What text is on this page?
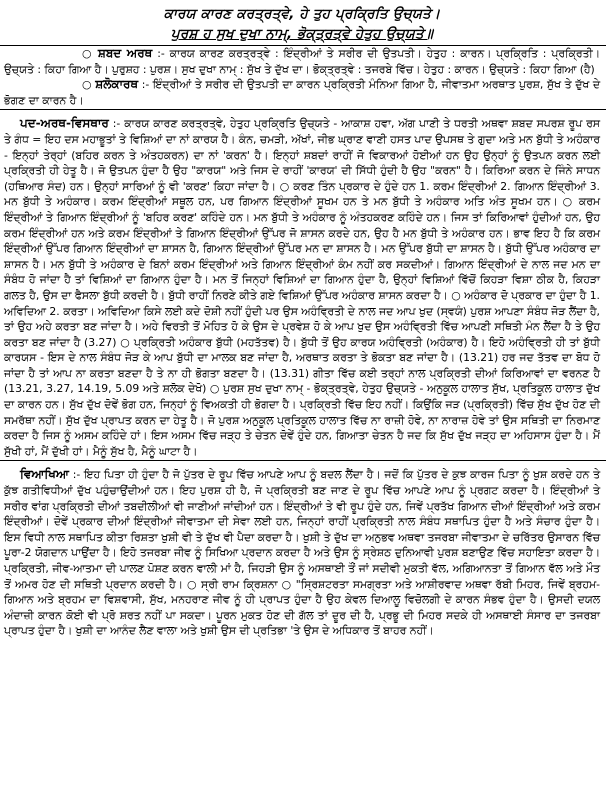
ਕਾਰਯ ਕਾਰਣ ਕਰਤ੍ਰਤ੍ਵੇ, ਹੇ ਤੁਹ ਪ੍ਰਕ੍ਰਿਤਿ ਉਚ੍ਯਤੇ।
ਪੁਰਸ਼ ਹ ਸੁਖ ਦੁਖਾ ਨਾਮ੍, ਭੋਕ੍ਤ੍ਰਤ੍ਵੇ ਹੇਤੁਹ ਉਚ੍ਯਤੇ॥

○ ਸ਼ਬਦ ਅਰਥ :- ਕਾਰਯ ਕਾਰਣ ਕਰਤ੍ਰਤ੍ਵੇ : ਇੰਦ੍ਰੀਆਂ ਤੇ ਸਰੀਰ ਦੀ ਉਤਪਤੀ। ਹੇਤੁਹ : ਕਾਰਨ। ਪ੍ਰਕ੍ਰਿਤਿ : ਪ੍ਰਕ੍ਰਿਤੀ। ਉਚ੍ਯਤੇ : ਕਿਹਾ ਗਿਆ ਹੈ। ਪੁਰੁਸ਼ਹ : ਪੁਰਸ਼। ਸੁਖ ਦੁਖਾ ਨਾਮ੍ : ਸੁੱਖ ਤੇ ਦੁੱਖ ਦਾ। ਭੋਕ੍ਤ੍ਰਤ੍ਵੇ : ਤਜਰਬੇ ਵਿੱਚ। ਹੇਤੁਹ : ਕਾਰਨ। ਉਚ੍ਯਤੇ : ਕਿਹਾ ਗਿਆ (ਹੈ)

○ ਸ਼ਲੋਕਾਰਥ :- ਇੰਦ੍ਰੀਆਂ ਤੇ ਸਰੀਰ ਦੀ ਉਤਪਤੀ ਦਾ ਕਾਰਨ ਪ੍ਰਕ੍ਰਿਤੀ ਮੰਨਿਆ ਗਿਆ ਹੈ, ਜੀਵਾਤਮਾ ਅਰਥਾਤ ਪੁਰਸ਼, ਸੁੱਖ ਤੇ ਦੁੱਖ ਦੇ ਭੋਗਣ ਦਾ ਕਾਰਨ ਹੈ।

ਪਦ-ਅਰਥ-ਵਿਸਥਾਰ :- ਕਾਰਯ ਕਾਰਣ ਕਰਤ੍ਰਤ੍ਵੇ, ਹੇਤੁਹ ਪ੍ਰਕ੍ਰਿਤਿ ਉਚ੍ਯਤੇ - ਆਕਾਸ਼ ਹਵਾ, ਅੱਗ ਪਾਣੀ ਤੇ ਧਰਤੀ ਅਥਵਾ ਸ਼ਬਦ ਸਪਰਸ਼ ਰੂਪ ਰਸ ਤੇ ਗੰਧ = ਇਹ ਦਸ ਮਹਾਭੂਤਾਂ ਤੇ ਵਿਸ਼ਿਆਂ ਦਾ ਨਾਂ ਕਾਰਯ ਹੈ। ਕੰਨ, ਚਮੜੀ, ਅੱਖਾਂ, ਜੀਭ ਘ੍ਰਾਣ ਵਾਣੀ ਹਸਤ ਪਾਦ ਉਪਸਥ ਤੇ ਗੁਦਾ ਅਤੇ ਮਨ ਬੁੱਧੀ ਤੇ ਅਹੰਕਾਰ - ਇਨ੍ਹਾਂ ਤੇਰ੍ਹਾਂ (ਬਹਿਰ ਕਰਨ ਤੇ ਅੰਤਹਕਰਨ) ਦਾ ਨਾਂ 'ਕਰਨ' ਹੈ। ਇਨ੍ਹਾਂ ਸ਼ਬਦਾਂ ਰਾਹੀਂ ਜੋ ਵਿਕਾਰਆਂ ਹੋਈਆਂ ਹਨ ਉਹ ਉਨ੍ਹਾਂ ਨੂੰ ਉਤਪਨ ਕਰਨ ਲਈ ਪ੍ਰਕ੍ਰਿਤੀ ਹੀ ਹੇਤੂ ਹੈ। ਜੋ ਉਤਪਨ ਹੁੰਦਾ ਹੈ ਉਹ "ਕਾਰਯ" ਅਤੇ ਜਿਸ ਦੇ ਰਾਹੀਂ 'ਕਾਰਯ' ਦੀ ਸਿੱਧੀ ਹੁੰਦੀ ਹੈ ਉਹ "ਕਰਨ" ਹੈ। ਕਿਰਿਆ ਕਰਨ ਦੇ ਜਿੰਨੇ ਸਾਧਨ (ਹਥਿਆਰ ਸੰਦ) ਹਨ। ਉਨ੍ਹਾਂ ਸਾਰਿਆਂ ਨੂੰ ਵੀ 'ਕਰਣ' ਕਿਹਾ ਜਾਂਦਾ ਹੈ। ○ ਕਰਣ ਤਿੰਨ ਪ੍ਰਕਾਰ ਦੇ ਹੁੰਦੇ ਹਨ 1. ਕਰਮ ਇੰਦ੍ਰੀਆਂ 2. ਗਿਆਨ ਇੰਦ੍ਰੀਆਂ 3. ਮਨ ਬੁੱਧੀ ਤੇ ਅਹੰਕਾਰ। ਕਰਮ ਇੰਦ੍ਰੀਆਂ ਸਥੂਲ ਹਨ, ਪਰ ਗਿਆਨ ਇੰਦ੍ਰੀਆਂ ਸੂਖਮ ਹਨ ਤੇ ਮਨ ਬੁੱਧੀ ਤੇ ਅਹੰਕਾਰ ਅਤਿ ਅੰਤ ਸੂਖਮ ਹਨ। ○ ਕਰਮ ਇੰਦ੍ਰੀਆਂ ਤੇ ਗਿਆਨ ਇੰਦ੍ਰੀਆਂ ਨੂੰ 'ਬਹਿਰ ਕਰਣ' ਕਹਿੰਦੇ ਹਨ। ਮਨ ਬੁੱਧੀ ਤੇ ਅਹੰਕਾਰ ਨੂੰ ਅੰਤਹਕਰਣ ਕਹਿੰਦੇ ਹਨ। ਜਿਸ ਤਾਂ ਕਿਰਿਆਵਾਂ ਹੁੰਦੀਆਂ ਹਨ, ਉਹ ਕਰਮ ਇੰਦ੍ਰੀਆਂ ਹਨ ਅਤੇ ਕਰਮ ਇੰਦ੍ਰੀਆਂ ਤੇ ਗਿਆਨ ਇੰਦ੍ਰੀਆਂ ਉੱਪਰ ਜੋ ਸ਼ਾਸਨ ਕਰਦੇ ਹਨ, ਉਹ ਹੈ ਮਨ ਬੁੱਧੀ ਤੇ ਅਹੰਕਾਰ ਹਨ। ਭਾਵ ਇਹ ਹੈ ਕਿ ਕਰਮ ਇੰਦ੍ਰੀਆਂ ਉੱਪਰ ਗਿਆਨ ਇੰਦ੍ਰੀਆਂ ਦਾ ਸ਼ਾਸਨ ਹੈ, ਗਿਆਨ ਇੰਦ੍ਰੀਆਂ ਉੱਪਰ ਮਨ ਦਾ ਸ਼ਾਸਨ ਹੈ। ਮਨ ਉੱਪਰ ਬੁੱਧੀ ਦਾ ਸ਼ਾਸਨ ਹੈ। ਬੁੱਧੀ ਉੱਪਰ ਅਹੰਕਾਰ ਦਾ ਸ਼ਾਸਨ ਹੈ। ਮਨ ਬੁੱਧੀ ਤੇ ਅਹੰਕਾਰ ਦੇ ਬਿਨਾਂ ਕਰਮ ਇੰਦ੍ਰੀਆਂ ਅਤੇ ਗਿਆਨ ਇੰਦ੍ਰੀਆਂ ਕੰਮ ਨਹੀਂ ਕਰ ਸਕਦੀਆਂ। ਗਿਆਨ ਇੰਦ੍ਰੀਆਂ ਦੇ ਨਾਲ ਜਦ ਮਨ ਦਾ ਸੰਬੰਧ ਹੋ ਜਾਂਦਾ ਹੈ ਤਾਂ ਵਿਸ਼ਿਆਂ ਦਾ ਗਿਆਨ ਹੁੰਦਾ ਹੈ। ਮਨ ਤੋਂ ਜਿਨ੍ਹਾਂ ਵਿਸ਼ਿਆਂ ਦਾ ਗਿਆਨ ਹੁੰਦਾ ਹੈ, ਉਨ੍ਹਾਂ ਵਿਸ਼ਿਆਂ ਵਿੱਚੋਂ ਕਿਹੜਾ ਵਿਸ਼ਾ ਠੀਕ ਹੈ, ਕਿਹੜਾ ਗਲਤ ਹੈ, ਉਸ ਦਾ ਫੈਸਲਾ ਬੁੱਧੀ ਕਰਦੀ ਹੈ। ਬੁੱਧੀ ਰਾਹੀਂ ਨਿਰਣੇ ਕੀਤੇ ਗਏ ਵਿਸ਼ਿਆਂ ਉੱਪਰ ਅਹੰਕਾਰ ਸ਼ਾਸਨ ਕਰਦਾ ਹੈ। ○ ਅਹੰਕਾਰ ਦੋ ਪ੍ਰਕਾਰ ਦਾ ਹੁੰਦਾ ਹੈ 1. ਅਵਿਦਿਆ 2. ਕਰਤਾ। ਅਵਿਦਿਆ ਕਿਸੇ ਲਈ ਕਦੇ ਦੋਸ਼ੀ ਨਹੀਂ ਹੁੰਦੀ ਪਰ ਉਸ ਅਹੰਵ੍ਰਿਤੀ ਦੇ ਨਾਲ ਜਦ ਆਪ ਖੁਦ (ਸ੍ਵਯੰ) ਪੁਰਸ਼ ਆਪਣਾ ਸੰਬੰਧ ਜੋੜ ਲੈਂਦਾ ਹੈ, ਤਾਂ ਉਹ ਅਹੇ ਕਰਤਾ ਬਣ ਜਾਂਦਾ ਹੈ। ਅਹੇ ਵਿਰਤੀ ਤੋਂ ਮੋਹਿਤ ਹੋ ਕੇ ਉਸ ਦੇ ਪ੍ਰਵੇਸ਼ ਹੋ ਕੇ ਆਪ ਖੁਦ ਉਸ ਅਹੰਵ੍ਰਿਤੀ ਵਿੱਚ ਆਪਣੀ ਸਥਿਤੀ ਮੰਨ ਲੈਂਦਾ ਹੈ ਤੇ ਉਹ ਕਰਤਾ ਬਣ ਜਾਂਦਾ ਹੈ (3.27) ○ ਪ੍ਰਕ੍ਰਿਤੀ ਅਹੰਕਾਰ ਬੁੱਧੀ (ਮਹਤੱਤਵ) ਹੈ। ਬੁੱਧੀ ਤੋਂ ਉਹ ਕਾਰਯ ਅਹੰਵ੍ਰਿਤੀ (ਅਹੰਕਾਰ) ਹੈ। ਇਹੋ ਅਹੰਵ੍ਰਿਤੀ ਹੀ ਤਾਂ ਬੁੱਧੀ ਕਾਰਯਸ - ਇਸ ਦੇ ਨਾਲ ਸੰਬੰਧ ਜੋੜ ਕੇ ਆਪ ਬੁੱਧੀ ਦਾ ਮਾਲਕ ਬਣ ਜਾਂਦਾ ਹੈ, ਅਰਥਾਤ ਕਰਤਾ ਤੇ ਭੋਕਤਾ ਬਣ ਜਾਂਦਾ ਹੈ। (13.21) ਹਰ ਜਦ ਤੱਤਵ ਦਾ ਬੋਧ ਹੋ ਜਾਂਦਾ ਹੈ ਤਾਂ ਆਪ ਨਾ ਕਰਤਾ ਬਣਦਾ ਹੈ ਤੇ ਨਾ ਹੀ ਭੋਗਤਾ ਬਣਦਾ ਹੈ। (13.31) ਗੀਤਾ ਵਿੱਚ ਕਈ ਤਰ੍ਹਾਂ ਨਾਲ ਪ੍ਰਕ੍ਰਿਤੀ ਦੀਆਂ ਕਿਰਿਆਵਾਂ ਦਾ ਵਰਨਣ ਹੈ (13.21, 3.27, 14.19, 5.09 ਅਤੇ ਸ਼ਲੋਕ ਦੇਖੋ) ○ ਪੁਰਸ਼ ਸੁਖ ਦੁਖਾ ਨਾਮ੍ - ਭੋਕ੍ਤ੍ਰਤ੍ਵੇ, ਹੇਤੁਹ ਉਚ੍ਯਤੇ - ਅਨੁਕੂਲ ਹਾਲਾਤ ਸੁੱਖ, ਪ੍ਰਤਿਕੂਲ ਹਾਲਾਤ ਦੁੱਖ ਦਾ ਕਾਰਨ ਹਨ। ਸੁੱਖ ਦੁੱਖ ਦੋਵੇਂ ਭੋਗ ਹਨ, ਜਿਨ੍ਹਾਂ ਨੂੰ ਵਿਅਕਤੀ ਹੀ ਭੋਗਦਾ ਹੈ। ਪ੍ਰਕ੍ਰਿਤੀ ਵਿੱਚ ਇਹ ਨਹੀਂ। ਕਿਉਂਕਿ ਜੜ (ਪ੍ਰਕ੍ਰਿਤੀ) ਵਿੱਚ ਸੁੱਖ ਦੁੱਖ ਹੋਣ ਦੀ ਸਮਰੱਥਾ ਨਹੀਂ। ਸੁੱਖ ਦੁੱਖ ਪ੍ਰਾਪਤ ਕਰਨ ਦਾ ਹੇਤੂ ਹੈ। ਜੋ ਪੁਰਸ਼ ਅਨੁਕੂਲ ਪ੍ਰਤਿਕੂਲ ਹਾਲਾਤ ਵਿੱਚ ਨਾ ਰਾਜ਼ੀ ਹੋਵੇ, ਨਾ ਨਾਰਾਜ਼ ਹੋਵੇ ਤਾਂ ਉਸ ਸਥਿਤੀ ਦਾ ਨਿਰਮਾਣ ਕਰਦਾ ਹੈ ਜਿਸ ਨੂੰ ਅਸਮ ਕਹਿੰਦੇ ਹਾਂ। ਇਸ ਅਸਮ ਵਿੱਚ ਜੜ੍ਹ ਤੇ ਚੇਤਨ ਦੋਵੇਂ ਹੁੰਦੇ ਹਨ, ਗਿਆਤਾ ਚੇਤਨ ਹੈ ਜਦ ਕਿ ਸੁੱਖ ਦੁੱਖ ਜੜ੍ਹ ਦਾ ਅਹਿਸਾਸ ਹੁੰਦਾ ਹੈ। ਮੈਂ ਸੁੱਖੀ ਹਾਂ, ਮੈਂ ਦੁੱਖੀ ਹਾਂ। ਮੈਨੂੰ ਸੁੱਖ ਹੈ, ਮੈਨੂੰ ਘਾਟਾ ਹੈ।

ਵਿਆਖਿਆ :- ਇਹ ਪਿਤਾ ਹੀ ਹੁੰਦਾ ਹੈ ਜੋ ਪੁੱਤਰ ਦੇ ਰੂਪ ਵਿੱਚ ਆਪਣੇ ਆਪ ਨੂੰ ਬਦਲ ਲੈਂਦਾ ਹੈ। ਜਦੋਂ ਕਿ ਪੁੱਤਰ ਦੇ ਕੁਝ ਕਾਰਜ ਪਿਤਾ ਨੂੰ ਖੁਸ਼ ਕਰਦੇ ਹਨ ਤੇ ਕੁੱਝ ਗਤੀਵਿਧੀਆਂ ਦੁੱਖ ਪਹੁੰਚਾਉਂਦੀਆਂ ਹਨ। ਇਹ ਪੁਰਸ਼ ਹੀ ਹੈ, ਜੋ ਪ੍ਰਕ੍ਰਿਤੀ ਬਣ ਜਾਣ ਦੇ ਰੂਪ ਵਿੱਚ ਆਪਣੇ ਆਪ ਨੂੰ ਪ੍ਰਗਟ ਕਰਦਾ ਹੈ। ਇੰਦ੍ਰੀਆਂ ਤੇ ਸਰੀਰ ਵਾਂਗ ਪ੍ਰਕ੍ਰਿਤੀ ਦੀਆਂ ਤਬਦੀਲੀਆਂ ਵੀ ਜਾਣੀਆਂ ਜਾਂਦੀਆਂ ਹਨ। ਇੰਦ੍ਰੀਆਂ ਤੇ ਵੀ ਰੂਪ ਹੁੰਦੇ ਹਨ, ਜਿਵੇਂ ਪ੍ਰਤੱਖ ਗਿਆਨ ਦੀਆਂ ਇੰਦ੍ਰੀਆਂ ਅਤੇ ਕਰਮ ਇੰਦ੍ਰੀਆਂ। ਦੋਵੇਂ ਪ੍ਰਕਾਰ ਦੀਆਂ ਇੰਦ੍ਰੀਆਂ ਜੀਵਾਤਮਾ ਦੀ ਸੇਵਾ ਲਈ ਹਨ, ਜਿਨ੍ਹਾਂ ਰਾਹੀਂ ਪ੍ਰਕ੍ਰਿਤੀ ਨਾਲ ਸੰਬੰਧ ਸਥਾਪਿਤ ਹੁੰਦਾ ਹੈ ਅਤੇ ਸੰਚਾਰ ਹੁੰਦਾ ਹੈ। ਇਸ ਵਿਧੀ ਨਾਲ ਸਥਾਪਿਤ ਕੀਤਾ ਰਿਸ਼ਤਾ ਖੁਸ਼ੀ ਵੀ ਤੇ ਦੁੱਖ ਵੀ ਪੈਦਾ ਕਰਦਾ ਹੈ। ਖੁਸ਼ੀ ਤੇ ਦੁੱਖ ਦਾ ਅਨੁਭਵ ਅਥਵਾ ਤਜਰਬਾ ਜੀਵਾਤਮਾ ਦੇ ਚਰਿੱਤਰ ਉਸਾਰਨ ਵਿੱਚ ਪੂਰਾ-2 ਯੋਗਦਾਨ ਪਾਉਂਦਾ ਹੈ। ਇਹੋ ਤਜਰਬਾ ਜੀਵ ਨੂੰ ਸਿਖਿਆ ਪ੍ਰਦਾਨ ਕਰਦਾ ਹੈ ਅਤੇ ਉਸ ਨੂੰ ਸ੍ਰੇਸ਼ਠ ਦੁਨਿਆਵੀ ਪੁਰਸ਼ ਬਣਾਉਣ ਵਿੱਚ ਸਹਾਇਤਾ ਕਰਦਾ ਹੈ। ਪ੍ਰਕ੍ਰਿਤੀ, ਜੀਵ-ਆਤਮਾ ਦੀ ਪਾਲਣ ਪੋਸ਼ਣ ਕਰਨ ਵਾਲੀ ਮਾਂ ਹੈ, ਜਿਹੜੀ ਉਸ ਨੂੰ ਅਸਥਾਈ ਤੌਂ ਜਾਂ ਸਦੀਵੀ ਮੁਕਤੀ ਵੱਲ, ਅਗਿਆਨਤਾ ਤੋਂ ਗਿਆਨ ਵੱਲ ਅਤੇ ਮੌਤ ਤੋਂ ਅਮਰ ਹੋਣ ਦੀ ਸਥਿਤੀ ਪ੍ਰਦਾਨ ਕਰਦੀ ਹੈ। ○ ਸ੍ਰੀ ਰਾਮ ਕ੍ਰਿਸ਼ਨਾ ○ "ਸ੍ਰਿਸ਼ਟਰਤਾ ਸਮਗ੍ਰਤਾ ਅਤੇ ਆਸ਼ੀਰਵਾਦ ਅਥਵਾ ਰੱਬੀ ਮਿਹਰ, ਜਿਵੇਂ ਬ੍ਰਹਮ-ਗਿਆਨ ਅਤੇ ਬ੍ਰਹਮ ਦਾ ਵਿਸ਼ਵਾਸੀ, ਸੁੱਖ, ਮਨਹਰਾਣ ਜੀਵ ਨੂੰ ਹੀ ਪ੍ਰਾਪਤ ਹੁੰਦਾ ਹੈ ਉਹ ਕੇਵਲ ਦਿਆਲੂ ਵਿਚੋਲਗੀ ਦੇ ਕਾਰਨ ਸੰਭਵ ਹੁੰਦਾ ਹੈ। ਉਸਦੀ ਦਯਲ ਅੰਦਾਜ਼ੀ ਕਾਰਨ ਕੋਈ ਵੀ ਪ੍ਰੋ ਸ਼ਰਤ ਨਹੀਂ ਪਾ ਸਕਦਾ। ਪੂਰਨ ਮੁਕਤ ਹੋਣ ਦੀ ਗੱਲ ਤਾਂ ਦੂਰ ਦੀ ਹੈ, ਪ੍ਰਭੂ ਦੀ ਮਿਹਰ ਸਦਕੇ ਹੀ ਅਸਥਾਈ ਸੰਸਾਰ ਦਾ ਤਜਰਬਾ ਪ੍ਰਾਪਤ ਹੁੰਦਾ ਹੈ। ਖੁਸ਼ੀ ਦਾ ਆਨੰਦ ਲੈਣ ਵਾਲਾ ਅਤੇ ਖੁਸ਼ੀ ਉਸ ਦੀ ਪ੍ਰਤਿਭਾ 'ਤੇ ਉਸ ਦੇ ਅਧਿਕਾਰ ਤੋਂ ਬਾਹਰ ਨਹੀਂ।
